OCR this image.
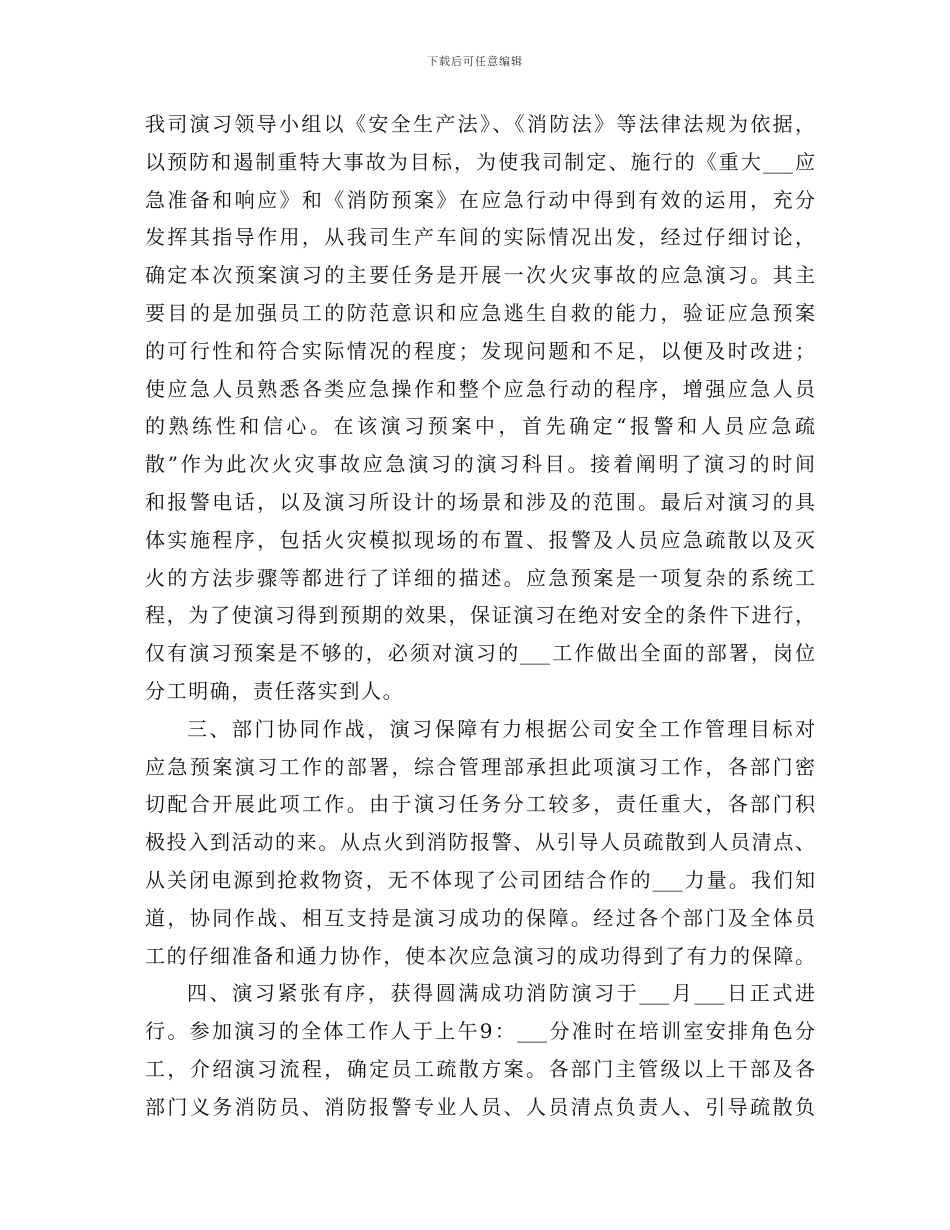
下载后可任意编辑
我司演习领导小组以《安全生产法》、《消防法》等法律法规为依据，
以预防和遏制重特大事故为目标，为使我司制定、施行的《重大___应
急准备和响应》和《消防预案》在应急行动中得到有效的运用，充分
发挥其指导作用，从我司生产车间的实际情况出发，经过仔细讨论，
确定本次预案演习的主要任务是开展一次火灾事故的应急演习。其主
要目的是加强员工的防范意识和应急逃生自救的能力，验证应急预案
的可行性和符合实际情况的程度；发现问题和不足，以便及时改进；
使应急人员熟悉各类应急操作和整个应急行动的程序，增强应急人员
的熟练性和信心。在该演习预案中，首先确定“报警和人员应急疏
散”作为此次火灾事故应急演习的演习科目。接着阐明了演习的时间
和报警电话，以及演习所设计的场景和涉及的范围。最后对演习的具
体实施程序，包括火灾模拟现场的布置、报警及人员应急疏散以及灭
火的方法步骤等都进行了详细的描述。应急预案是一项复杂的系统工
程，为了使演习得到预期的效果，保证演习在绝对安全的条件下进行，
仅有演习预案是不够的，必须对演习的___工作做出全面的部署，岗位
分工明确，责任落实到人。
三、部门协同作战，演习保障有力根据公司安全工作管理目标对
应急预案演习工作的部署，综合管理部承担此项演习工作，各部门密
切配合开展此项工作。由于演习任务分工较多，责任重大，各部门积
极投入到活动的来。从点火到消防报警、从引导人员疏散到人员清点、
从关闭电源到抢救物资，无不体现了公司团结合作的___力量。我们知
道，协同作战、相互支持是演习成功的保障。经过各个部门及全体员
工的仔细准备和通力协作，使本次应急演习的成功得到了有力的保障。
四、演习紧张有序，获得圆满成功消防演习于___月___日正式进
行。参加演习的全体工作人于上午9：___分准时在培训室安排角色分
工，介绍演习流程，确定员工疏散方案。各部门主管级以上干部及各
部门义务消防员、消防报警专业人员、人员清点负责人、引导疏散负
